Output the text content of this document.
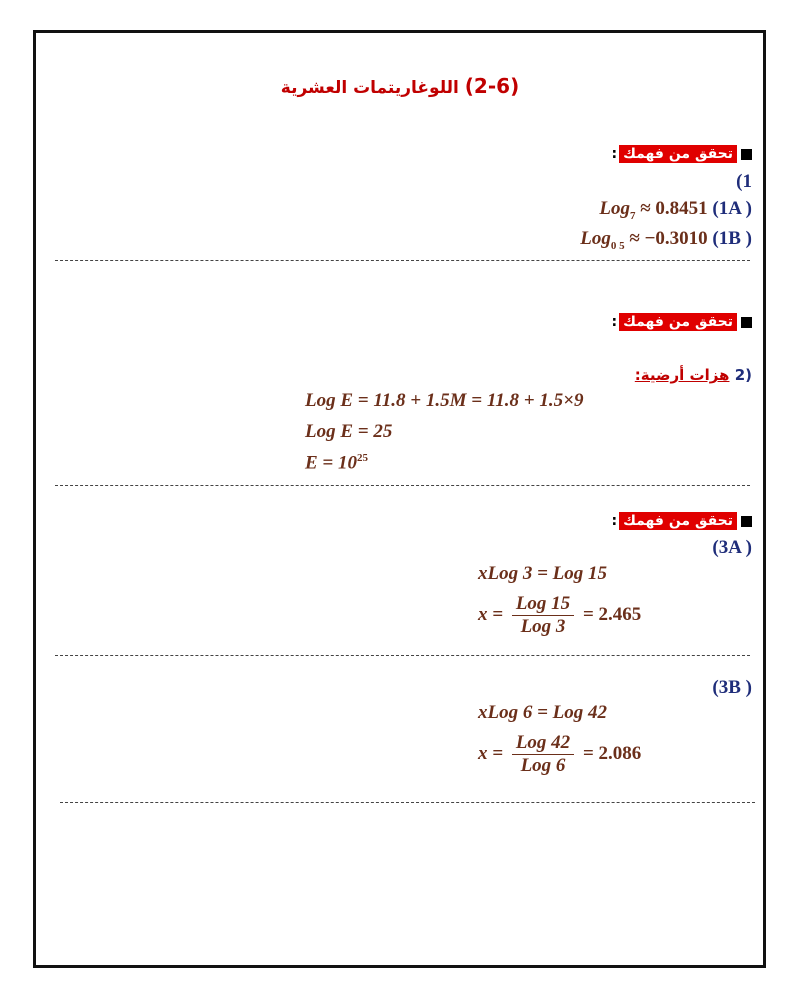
(2-6) اللوغاريتمات العشرية
تحقق من فهمك
:
(1
Log$_7$ ≈ 0.8451 (1A )
Log$_{0 5}$ ≈ −0.3010 (1B )
تحقق من فهمك
:
(2 هزات أرضية:
Log E = 11.8 + 1.5M = 11.8 + 1.5×9
Log E = 25
$E = 10^{25}$
تحقق من فهمك
:
(3A )
xLog 3 = Log 15
$x = \frac{\text{Log 15}}{\text{Log 3}} = 2.465$
(3B )
xLog 6 = Log 42
$x = \frac{\text{Log 42}}{\text{Log 6}} = 2.086$
